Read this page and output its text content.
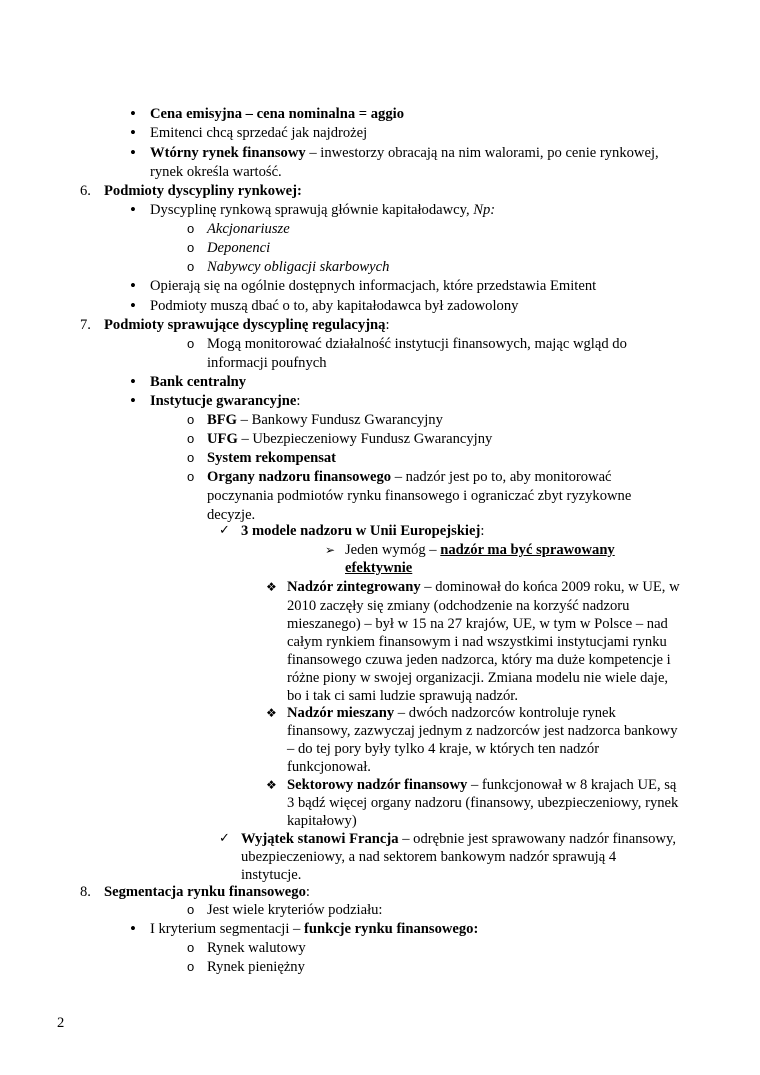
• Cena emisyjna – cena nominalna = aggio
• Emitenci chcą sprzedać jak najdrożej
• Wtórny rynek finansowy – inwestorzy obracają na nim walorami, po cenie rynkowej,
rynek określa wartość.
6. Podmioty dyscypliny rynkowej:
• Dyscyplinę rynkową sprawują głównie kapitałodawcy, Np:
o Akcjonariusze
o Deponenci
o Nabywcy obligacji skarbowych
• Opierają się na ogólnie dostępnych informacjach, które przedstawia Emitent
• Podmioty muszą dbać o to, aby kapitałodawca był zadowolony
7. Podmioty sprawujące dyscyplinę regulacyjną:
o Mogą monitorować działalność instytucji finansowych, mając wgląd do
informacji poufnych
• Bank centralny
• Instytucje gwarancyjne:
o BFG – Bankowy Fundusz Gwarancyjny
o UFG – Ubezpieczeniowy Fundusz Gwarancyjny
o System rekompensat
o Organy nadzoru finansowego – nadzór jest po to, aby monitorować
poczynania podmiotów rynku finansowego i ograniczać zbyt ryzykowne
decyzje.
✓ 3 modele nadzoru w Unii Europejskiej:
➢ Jeden wymóg – nadzór ma być sprawowany
efektywnie
❖ Nadzór zintegrowany – dominował do końca 2009 roku, w UE, w
2010 zaczęły się zmiany (odchodzenie na korzyść nadzoru
mieszanego) – był w 15 na 27 krajów, UE, w tym w Polsce – nad
całym rynkiem finansowym i nad wszystkimi instytucjami rynku
finansowego czuwa jeden nadzorca, który ma duże kompetencje i
różne piony w swojej organizacji. Zmiana modelu nie wiele daje,
bo i tak ci sami ludzie sprawują nadzór.
❖ Nadzór mieszany – dwóch nadzorców kontroluje rynek
finansowy, zazwyczaj jednym z nadzorców jest nadzorca bankowy
– do tej pory były tylko 4 kraje, w których ten nadzór
funkcjonował.
❖ Sektorowy nadzór finansowy – funkcjonował w 8 krajach UE, są
3 bądź więcej organy nadzoru (finansowy, ubezpieczeniowy, rynek
kapitałowy)
✓ Wyjątek stanowi Francja – odrębnie jest sprawowany nadzór finansowy,
ubezpieczeniowy, a nad sektorem bankowym nadzór sprawują 4
instytucje.
8. Segmentacja rynku finansowego:
o Jest wiele kryteriów podziału:
• I kryterium segmentacji – funkcje rynku finansowego:
o Rynek walutowy
o Rynek pieniężny
2
